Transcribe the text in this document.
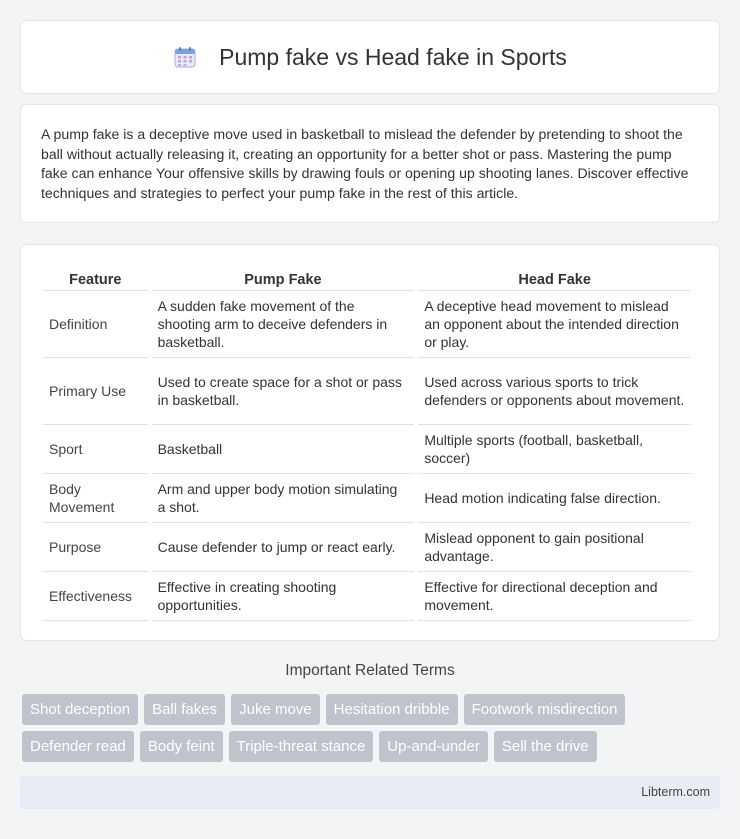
Pump fake vs Head fake in Sports

A pump fake is a deceptive move used in basketball to mislead the defender by pretending to shoot the ball without actually releasing it, creating an opportunity for a better shot or pass. Mastering the pump fake can enhance Your offensive skills by drawing fouls or opening up shooting lanes. Discover effective techniques and strategies to perfect your pump fake in the rest of this article.

Feature	Pump Fake	Head Fake
Definition	A sudden fake movement of the shooting arm to deceive defenders in basketball.	A deceptive head movement to mislead an opponent about the intended direction or play.
Primary Use	Used to create space for a shot or pass in basketball.	Used across various sports to trick defenders or opponents about movement.
Sport	Basketball	Multiple sports (football, basketball, soccer)
Body Movement	Arm and upper body motion simulating a shot.	Head motion indicating false direction.
Purpose	Cause defender to jump or react early.	Mislead opponent to gain positional advantage.
Effectiveness	Effective in creating shooting opportunities.	Effective for directional deception and movement.
Important Related Terms
Shot deception	Ball fakes	Juke move	Hesitation dribble	Footwork misdirection
Defender read	Body feint	Triple-threat stance	Up-and-under	Sell the drive
Libterm.com
